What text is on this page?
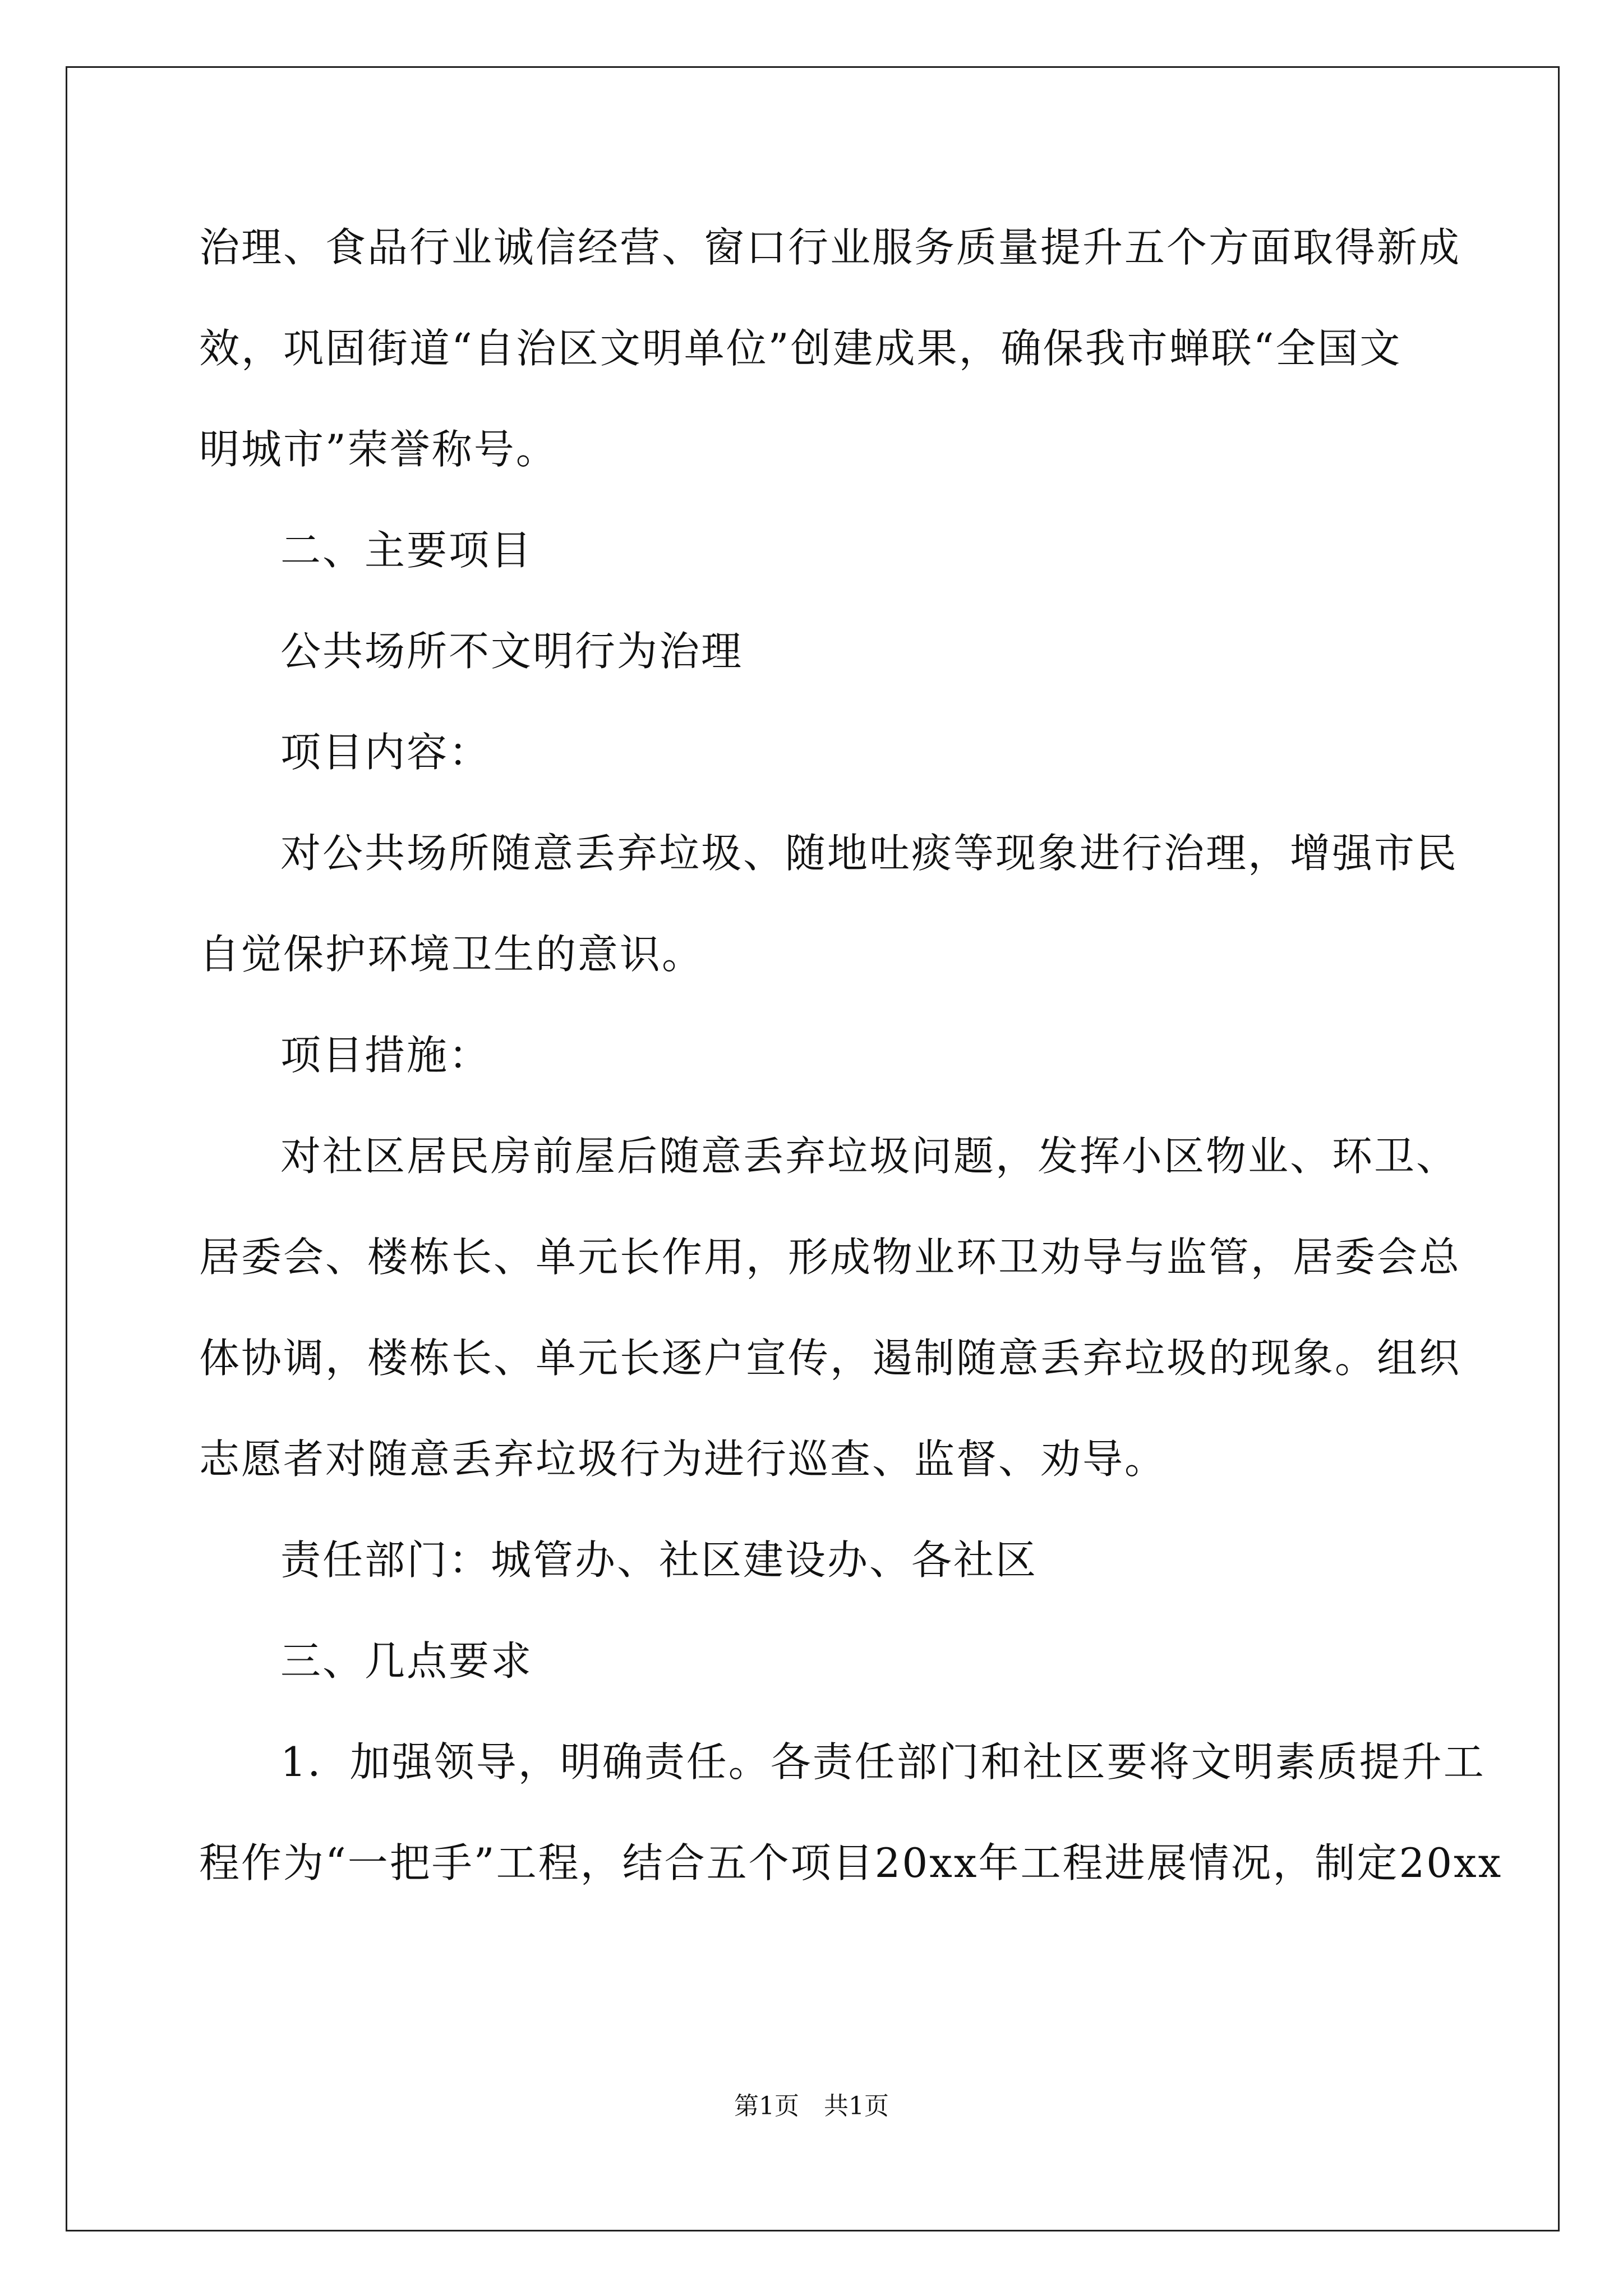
治理、食品行业诚信经营、窗口行业服务质量提升五个方面取得新成

效，巩固街道“自治区文明单位”创建成果，确保我市蝉联“全国文

明城市”荣誉称号。

二、主要项目

公共场所不文明行为治理

项目内容：

对公共场所随意丢弃垃圾、随地吐痰等现象进行治理，增强市民

自觉保护环境卫生的意识。

项目措施：

对社区居民房前屋后随意丢弃垃圾问题，发挥小区物业、环卫、

居委会、楼栋长、单元长作用，形成物业环卫劝导与监管，居委会总

体协调，楼栋长、单元长逐户宣传，遏制随意丢弃垃圾的现象。组织

志愿者对随意丢弃垃圾行为进行巡查、监督、劝导。

责任部门：城管办、社区建设办、各社区

三、几点要求

1．加强领导，明确责任。各责任部门和社区要将文明素质提升工

程作为“一把手”工程，结合五个项目20xx年工程进展情况，制定20xx

第1页　共1页
